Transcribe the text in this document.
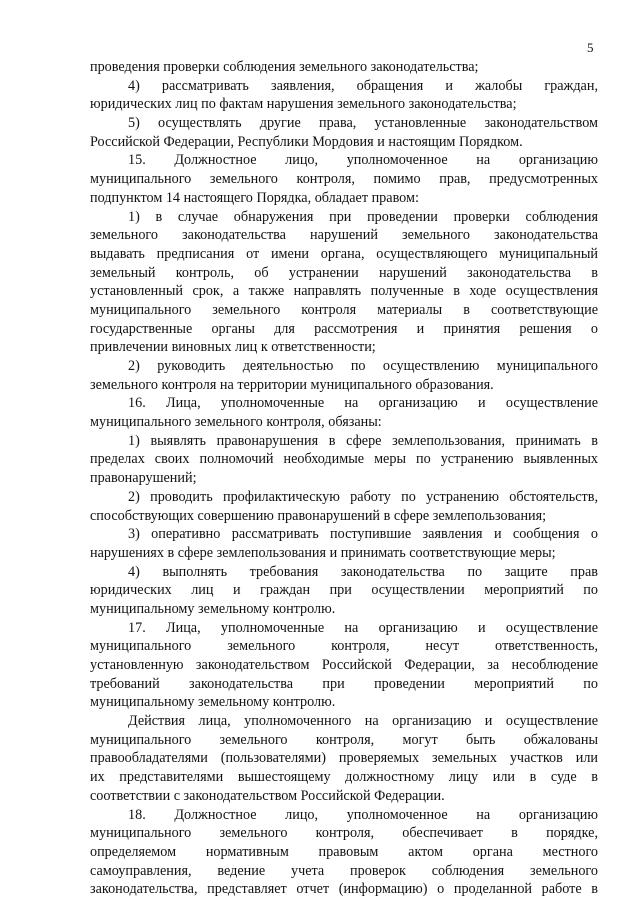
5
проведения проверки соблюдения земельного законодательства;
4) рассматривать заявления, обращения и жалобы граждан,
юридических лиц по фактам нарушения земельного законодательства;
5) осуществлять другие права, установленные законодательством
Российской Федерации, Республики Мордовия и настоящим Порядком.
15. Должностное лицо, уполномоченное на организацию
муниципального земельного контроля, помимо прав, предусмотренных
подпунктом 14 настоящего Порядка, обладает правом:
1) в случае обнаружения при проведении проверки соблюдения
земельного законодательства нарушений земельного законодательства
выдавать предписания от имени органа, осуществляющего муниципальный
земельный контроль, об устранении нарушений законодательства в
установленный срок, а также направлять полученные в ходе осуществления
муниципального земельного контроля материалы в соответствующие
государственные органы для рассмотрения и принятия решения о
привлечении виновных лиц к ответственности;
2) руководить деятельностью по осуществлению муниципального
земельного контроля на территории муниципального образования.
16. Лица, уполномоченные на организацию и осуществление
муниципального земельного контроля, обязаны:
1) выявлять правонарушения в сфере землепользования, принимать в
пределах своих полномочий необходимые меры по устранению выявленных
правонарушений;
2) проводить профилактическую работу по устранению обстоятельств,
способствующих совершению правонарушений в сфере землепользования;
3) оперативно рассматривать поступившие заявления и сообщения о
нарушениях в сфере землепользования и принимать соответствующие меры;
4) выполнять требования законодательства по защите прав
юридических лиц и граждан при осуществлении мероприятий по
муниципальному земельному контролю.
17. Лица, уполномоченные на организацию и осуществление
муниципального земельного контроля, несут ответственность,
установленную законодательством Российской Федерации, за несоблюдение
требований законодательства при проведении мероприятий по
муниципальному земельному контролю.
Действия лица, уполномоченного на организацию и осуществление
муниципального земельного контроля, могут быть обжалованы
правообладателями (пользователями) проверяемых земельных участков или
их представителями вышестоящему должностному лицу или в суде в
соответствии с законодательством Российской Федерации.
18. Должностное лицо, уполномоченное на организацию
муниципального земельного контроля, обеспечивает в порядке,
определяемом нормативным правовым актом органа местного
самоуправления, ведение учета проверок соблюдения земельного
законодательства, представляет отчет (информацию) о проделанной работе в
